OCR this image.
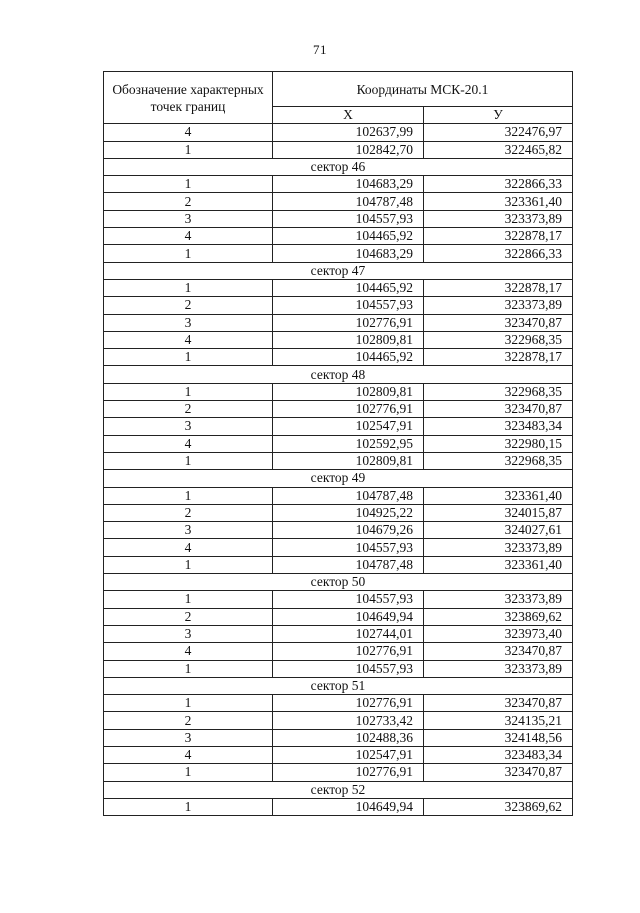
71
Обозначение характерных точек границ	Координаты МСК-20.1	
	X	У
4	102637,99	322476,97
1	102842,70	322465,82
сектор 46		
1	104683,29	322866,33
2	104787,48	323361,40
3	104557,93	323373,89
4	104465,92	322878,17
1	104683,29	322866,33
сектор 47		
1	104465,92	322878,17
2	104557,93	323373,89
3	102776,91	323470,87
4	102809,81	322968,35
1	104465,92	322878,17
сектор 48		
1	102809,81	322968,35
2	102776,91	323470,87
3	102547,91	323483,34
4	102592,95	322980,15
1	102809,81	322968,35
сектор 49		
1	104787,48	323361,40
2	104925,22	324015,87
3	104679,26	324027,61
4	104557,93	323373,89
1	104787,48	323361,40
сектор 50		
1	104557,93	323373,89
2	104649,94	323869,62
3	102744,01	323973,40
4	102776,91	323470,87
1	104557,93	323373,89
сектор 51		
1	102776,91	323470,87
2	102733,42	324135,21
3	102488,36	324148,56
4	102547,91	323483,34
1	102776,91	323470,87
сектор 52		
1	104649,94	323869,62
